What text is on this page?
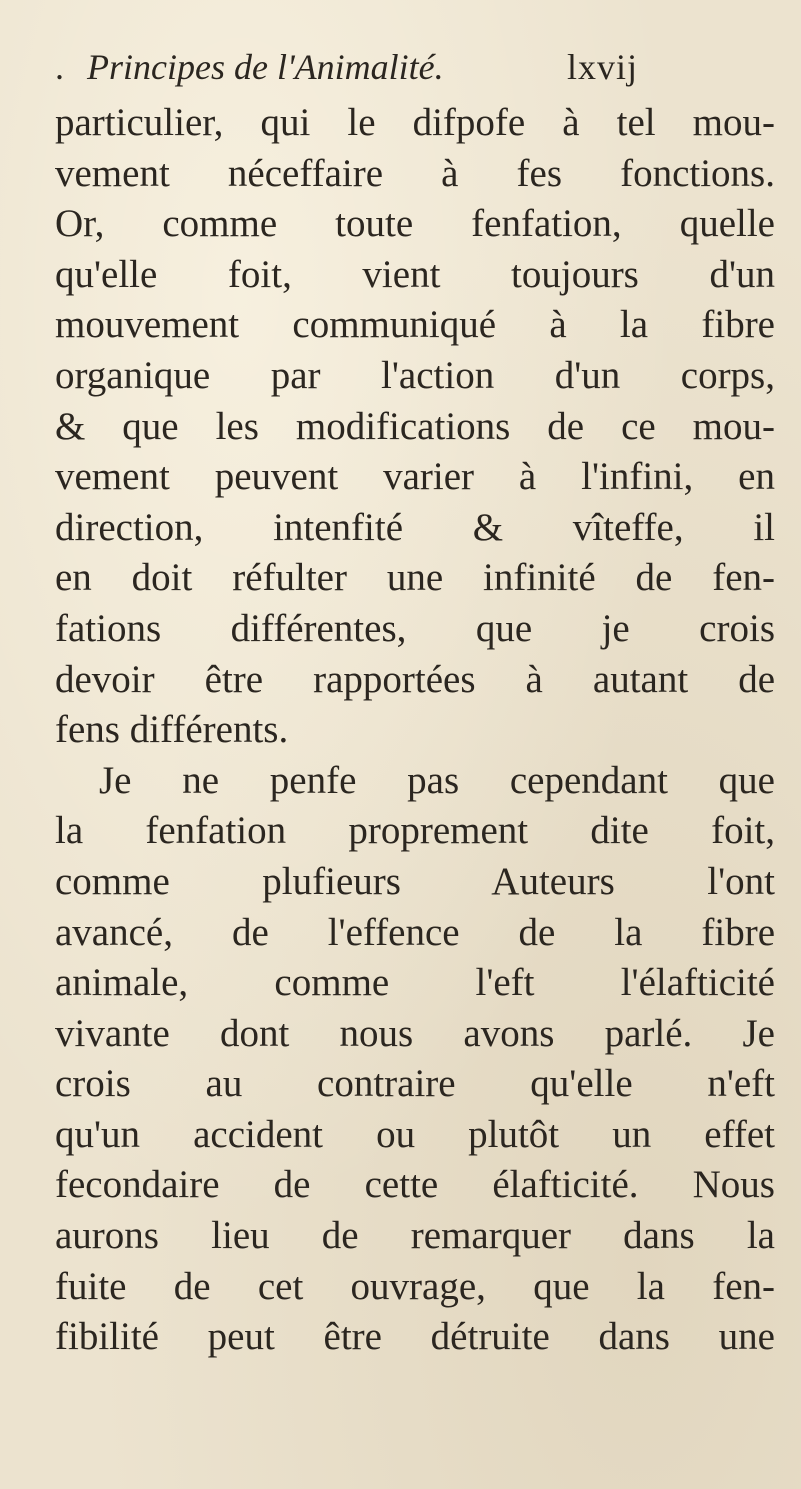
. Principes de l'Animalité.	lxvij
particulier, qui le difpofe à tel mou-
vement néceffaire à fes fonctions.
Or, comme toute fenfation, quelle
qu'elle foit, vient toujours d'un
mouvement communiqué à la fibre
organique par l'action d'un corps,
& que les modifications de ce mou-
vement peuvent varier à l'infini, en
direction, intenfité & vîteffe, il
en doit réfulter une infinité de fen-
fations différentes, que je crois
devoir être rapportées à autant de
fens différents.
Je ne penfe pas cependant que
la fenfation proprement dite foit,
comme plufieurs Auteurs l'ont
avancé, de l'effence de la fibre
animale, comme l'eft l'élafticité
vivante dont nous avons parlé. Je
crois au contraire qu'elle n'eft
qu'un accident ou plutôt un effet
fecondaire de cette élafticité. Nous
aurons lieu de remarquer dans la
fuite de cet ouvrage, que la fen-
fibilité peut être détruite dans une
